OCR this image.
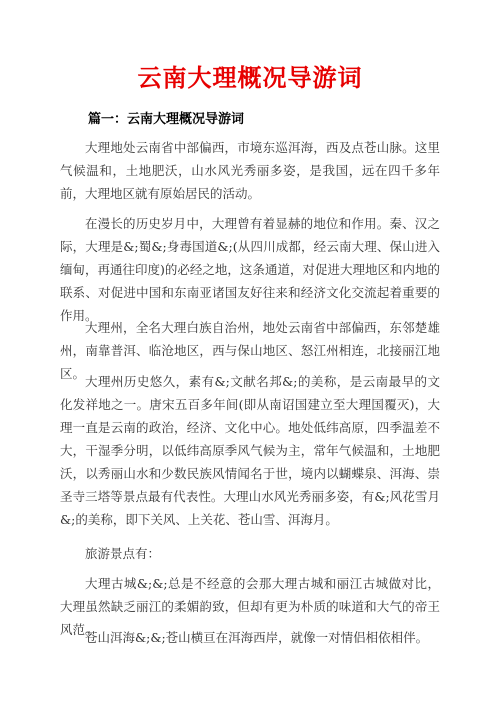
云南大理概况导游词
篇一：云南大理概况导游词

大理地处云南省中部偏西，市境东巡洱海，西及点苍山脉。这里气候温和，土地肥沃，山水风光秀丽多姿，是我国，远在四千多年前，大理地区就有原始居民的活动。

在漫长的历史岁月中，大理曾有着显赫的地位和作用。秦、汉之际，大理是&;蜀&;身毒国道&;(从四川成都，经云南大理、保山进入缅甸，再通往印度)的必经之地，这条通道，对促进大理地区和内地的联系、对促进中国和东南亚诸国友好往来和经济文化交流起着重要的作用。

大理州，全名大理白族自治州，地处云南省中部偏西，东邻楚雄州，南靠普洱、临沧地区，西与保山地区、怒江州相连，北接丽江地区。

大理州历史悠久，素有&;文献名邦&;的美称，是云南最早的文化发祥地之一。唐宋五百多年间(即从南诏国建立至大理国覆灭)，大理一直是云南的政治，经济、文化中心。地处低纬高原，四季温差不大，干湿季分明，以低纬高原季风气候为主，常年气候温和，土地肥沃，以秀丽山水和少数民族风情闻名于世，境内以蝴蝶泉、洱海、崇圣寺三塔等景点最有代表性。大理山水风光秀丽多姿，有&;风花雪月&;的美称，即下关风、上关花、苍山雪、洱海月。

旅游景点有：

大理古城&;&;总是不经意的会那大理古城和丽江古城做对比，大理虽然缺乏丽江的柔媚韵致，但却有更为朴质的味道和大气的帝王风范。

苍山洱海&;&;苍山横亘在洱海西岸，就像一对情侣相依相伴。
